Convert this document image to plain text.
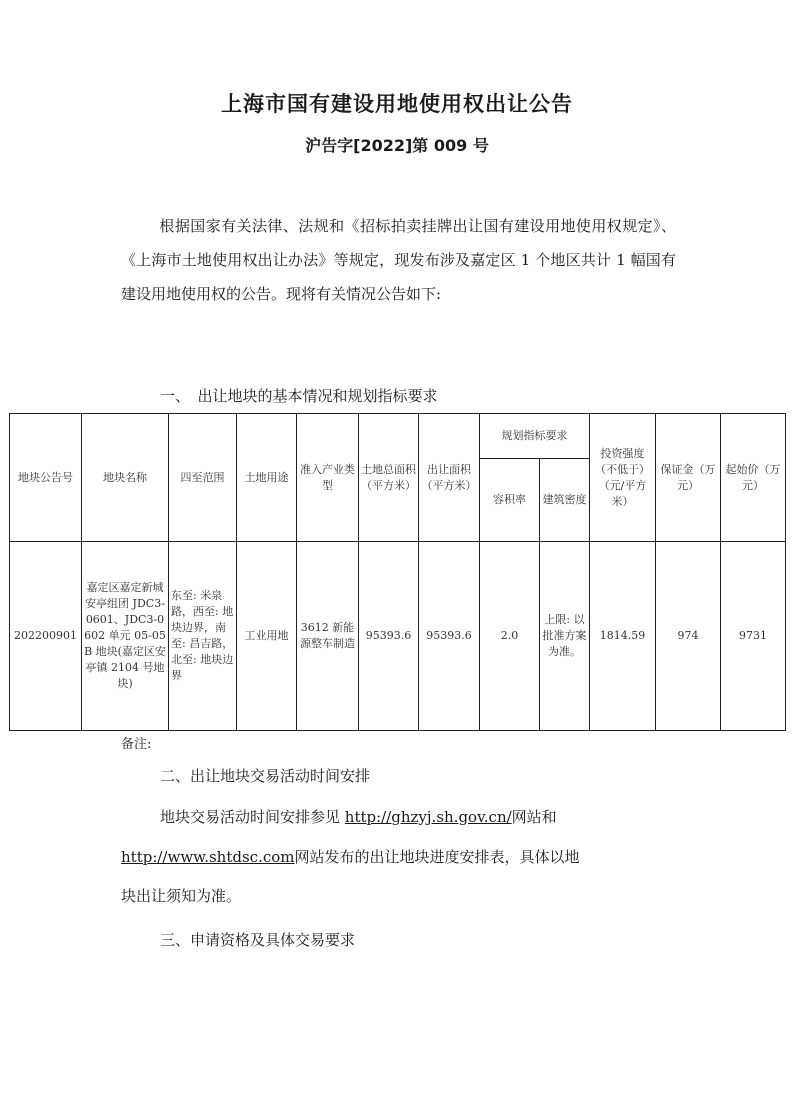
上海市国有建设用地使用权出让公告
沪告字[2022]第 009 号
根据国家有关法律、法规和《招标拍卖挂牌出让国有建设用地使用权规定》、《上海市土地使用权出让办法》等规定，现发布涉及嘉定区 1 个地区共计 1 幅国有建设用地使用权的公告。现将有关情况公告如下:
一、　出让地块的基本情况和规划指标要求
地块公告号	地块名称	四至范围	土地用途	准入产业类型	土地总面积（平方米）	出让面积（平方米）	规划指标要求		投资强度（不低于）（元/平方米）	保证金（万元）	起始价（万元）
							容积率	建筑密度			
202200901	嘉定区嘉定新城安亭组团 JDC3-0601、JDC3-0602 单元 05-05B 地块(嘉定区安亭镇 2104 号地块)	东至: 米泉路，西至: 地块边界，南至: 昌吉路，北至: 地块边界	工业用地	3612 新能源整车制造	95393.6	95393.6	2.0	上限: 以批准方案为准。	1814.59	974	9731
备注:
二、出让地块交易活动时间安排
地块交易活动时间安排参见 http://ghzyj.sh.gov.cn/网站和
http://www.shtdsc.com网站发布的出让地块进度安排表，具体以地
块出让须知为准。
三、申请资格及具体交易要求
